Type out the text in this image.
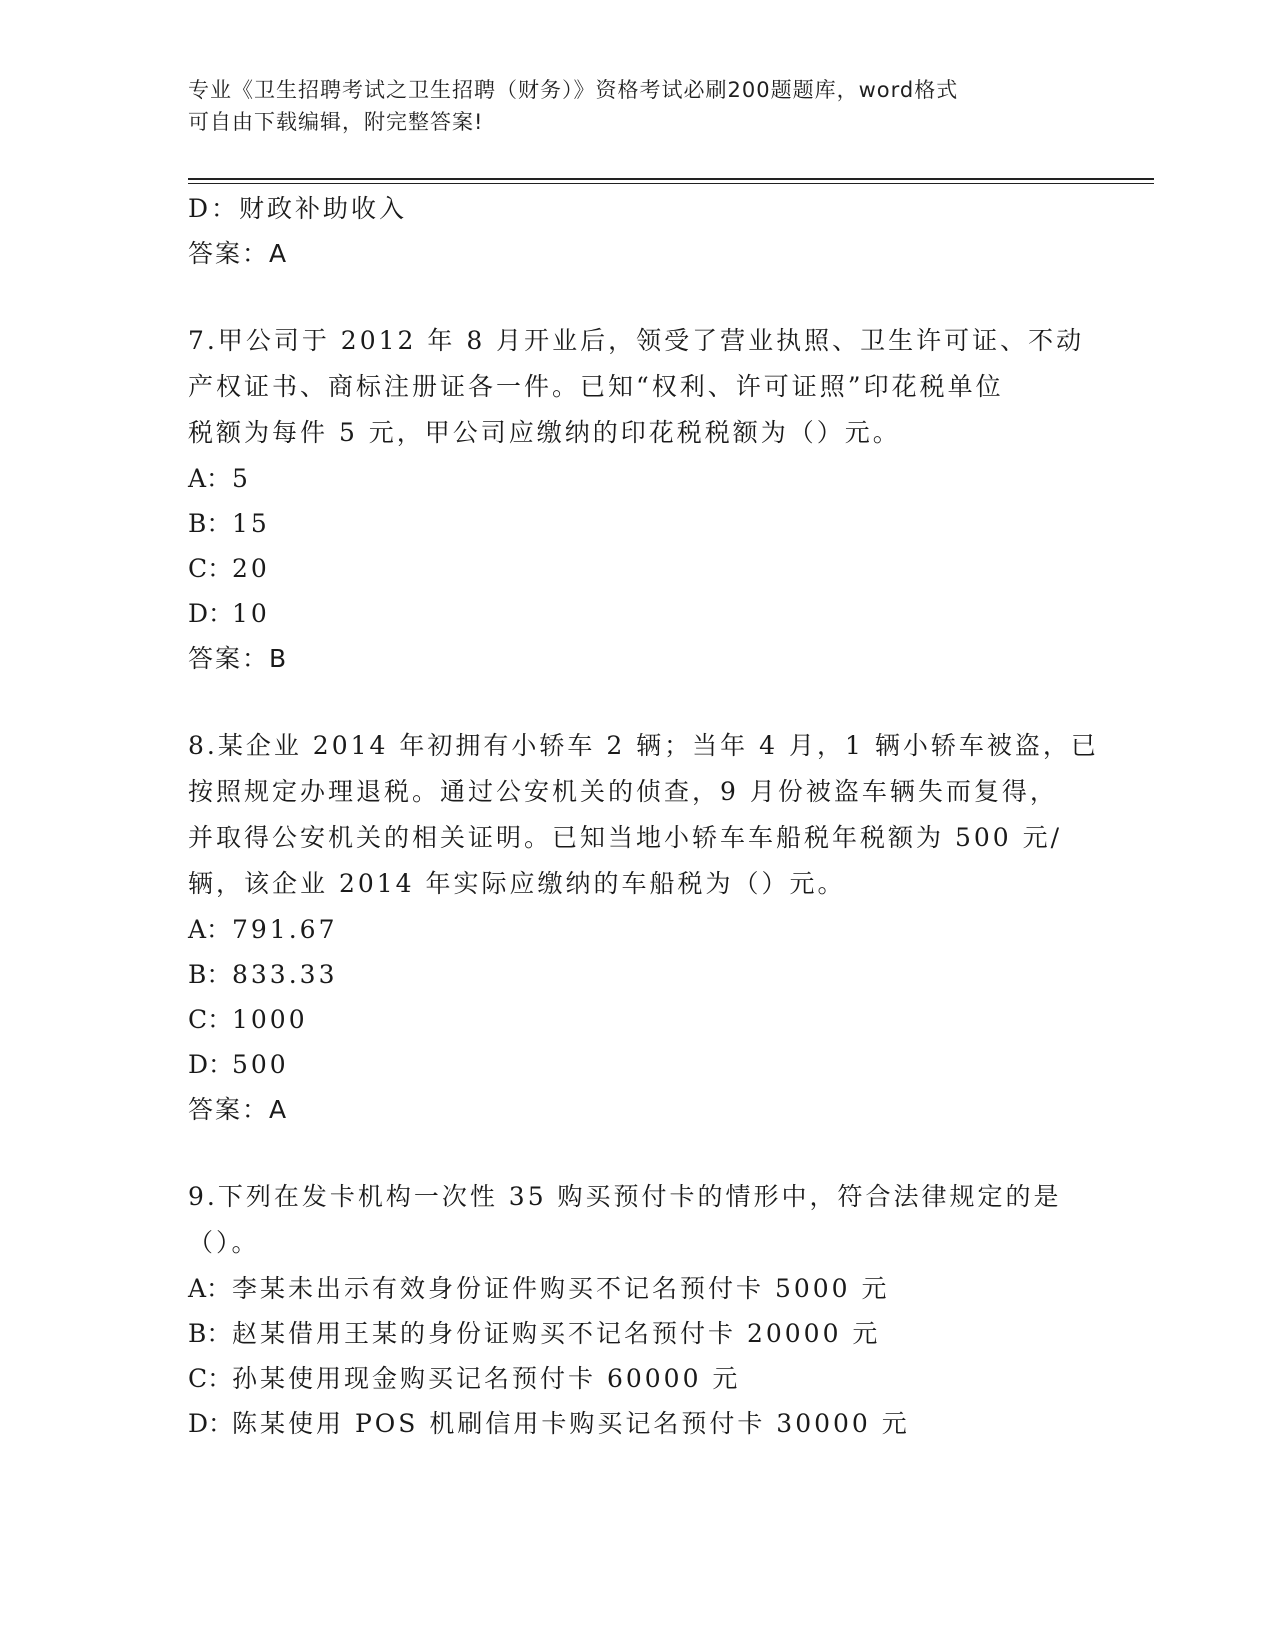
专业《卫生招聘考试之卫生招聘（财务）》资格考试必刷200题题库，word格式
可自由下载编辑，附完整答案!
D：财政补助收入
答案：A
7.甲公司于 2012 年 8 月开业后，领受了营业执照、卫生许可证、不动
产权证书、商标注册证各一件。已知“权利、许可证照”印花税单位
税额为每件 5 元，甲公司应缴纳的印花税税额为（）元。
A：5
B：15
C：20
D：10
答案：B
8.某企业 2014 年初拥有小轿车 2 辆；当年 4 月，1 辆小轿车被盗，已
按照规定办理退税。通过公安机关的侦查，9 月份被盗车辆失而复得，
并取得公安机关的相关证明。已知当地小轿车车船税年税额为 500 元/
辆，该企业 2014 年实际应缴纳的车船税为（）元。
A：791.67
B：833.33
C：1000
D：500
答案：A
9.下列在发卡机构一次性 35 购买预付卡的情形中，符合法律规定的是
（）。
A：李某未出示有效身份证件购买不记名预付卡 5000 元
B：赵某借用王某的身份证购买不记名预付卡 20000 元
C：孙某使用现金购买记名预付卡 60000 元
D：陈某使用 POS 机刷信用卡购买记名预付卡 30000 元
